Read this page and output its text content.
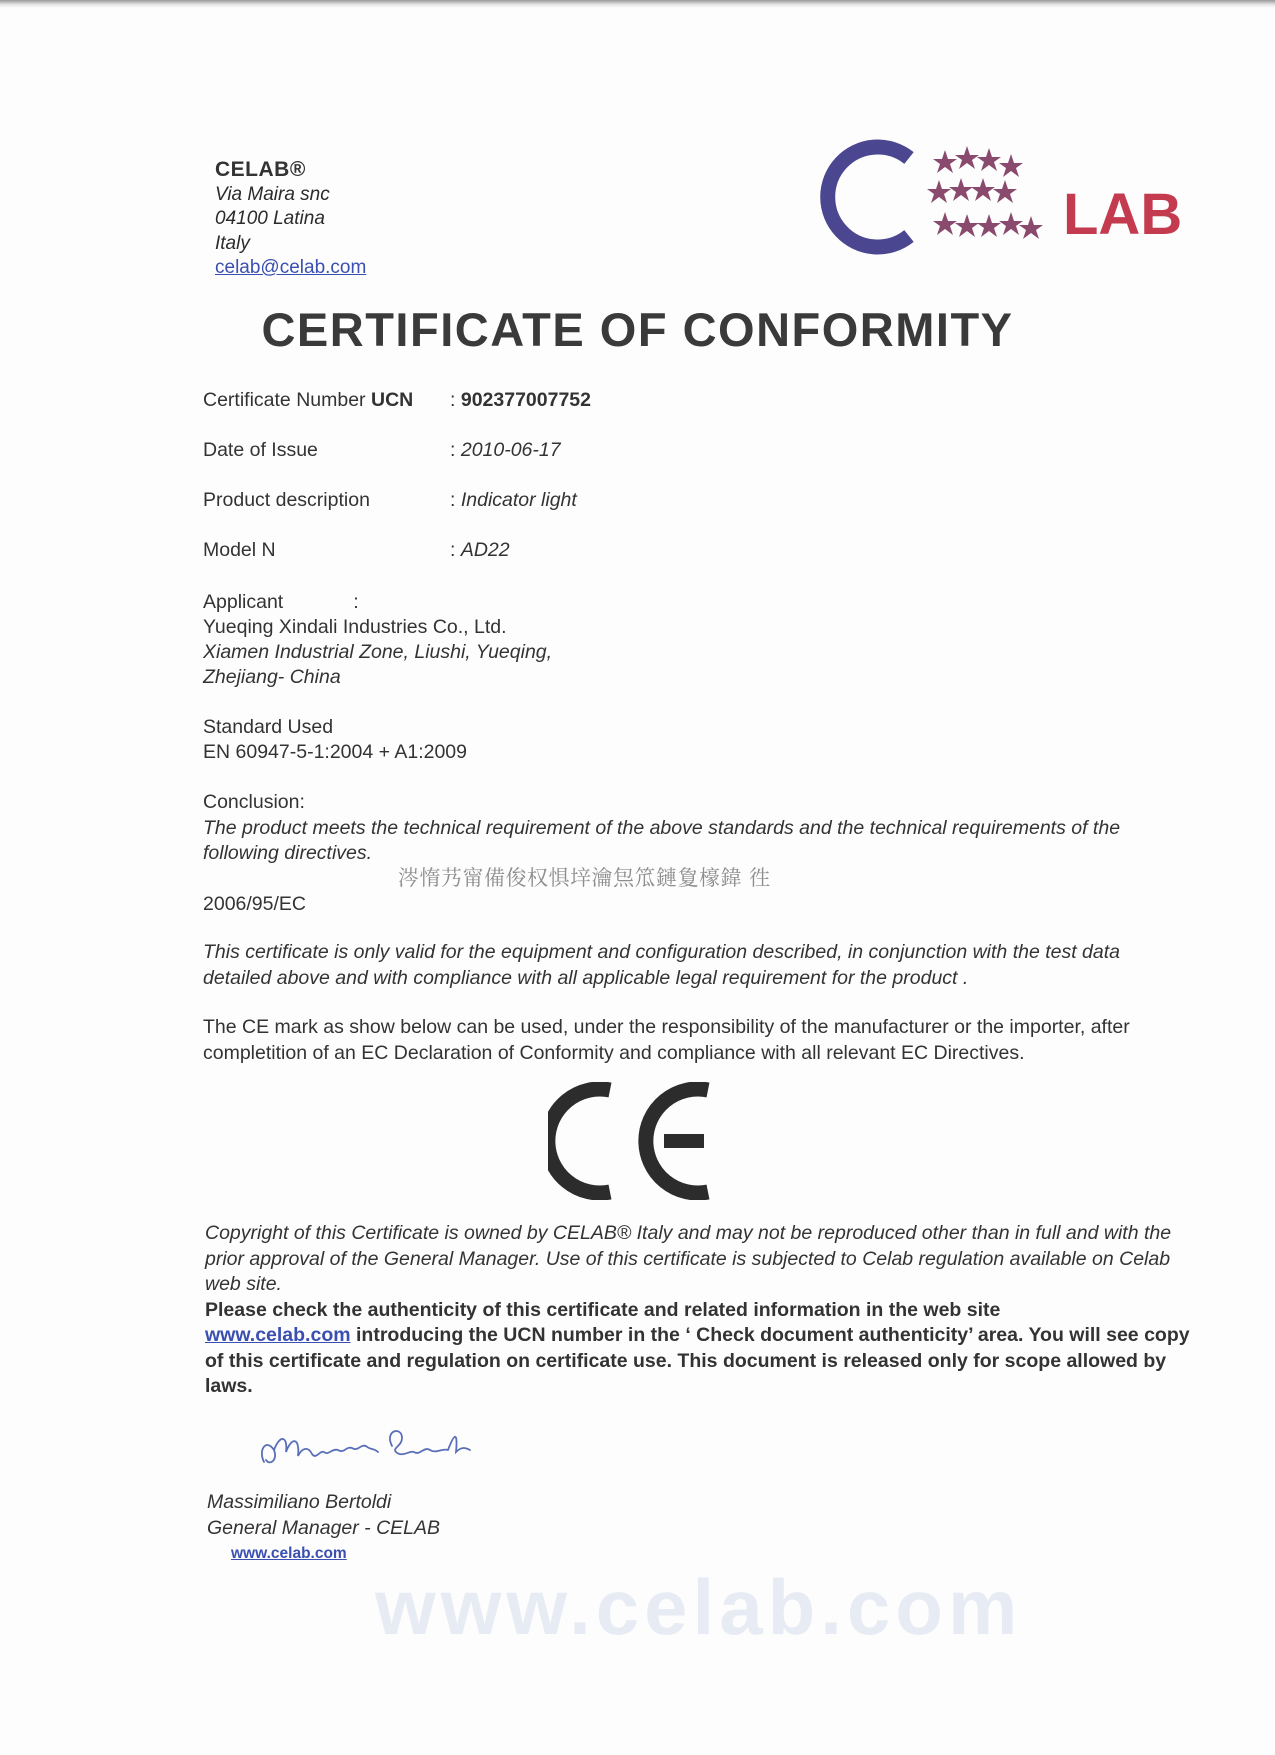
CELAB®
Via Maira snc
04100 Latina
Italy
celab@celab.com
LAB
CERTIFICATE OF CONFORMITY
Certificate Number UCN : 902377007752
Date of Issue	: 2010-06-17
Product description	: Indicator light
Model N	: AD22
Applicant	:
Yueqing Xindali Industries Co., Ltd.
Xiamen Industrial Zone, Liushi, Yueqing,
Zhejiang- China
Standard Used
EN 60947-5-1:2004 + A1:2009
Conclusion:
The product meets the technical requirement of the above standards and the technical requirements of the following directives.
涔惰艿甯備俊权惧垶瀹炰笟鏈夐檺鍏 徃
2006/95/EC
This certificate is only valid for the equipment and configuration described, in conjunction with the test data detailed above and with compliance with all applicable legal requirement for the product .
The CE mark as show below can be used, under the responsibility of the manufacturer or the importer, after completition of an EC Declaration of Conformity and compliance with all relevant EC Directives.
Copyright of this Certificate is owned by CELAB® Italy and may not be reproduced other than in full and with the prior approval of the General Manager. Use of this certificate is subjected to Celab regulation available on Celab web site.
Please check the authenticity of this certificate and related information in the web site
www.celab.com introducing the UCN number in the ‘ Check document authenticity’ area. You will see copy of this certificate and regulation on certificate use. This document is released only for scope allowed by laws.
Massimiliano Bertoldi
General Manager - CELAB
www.celab.com
www.celab.com
